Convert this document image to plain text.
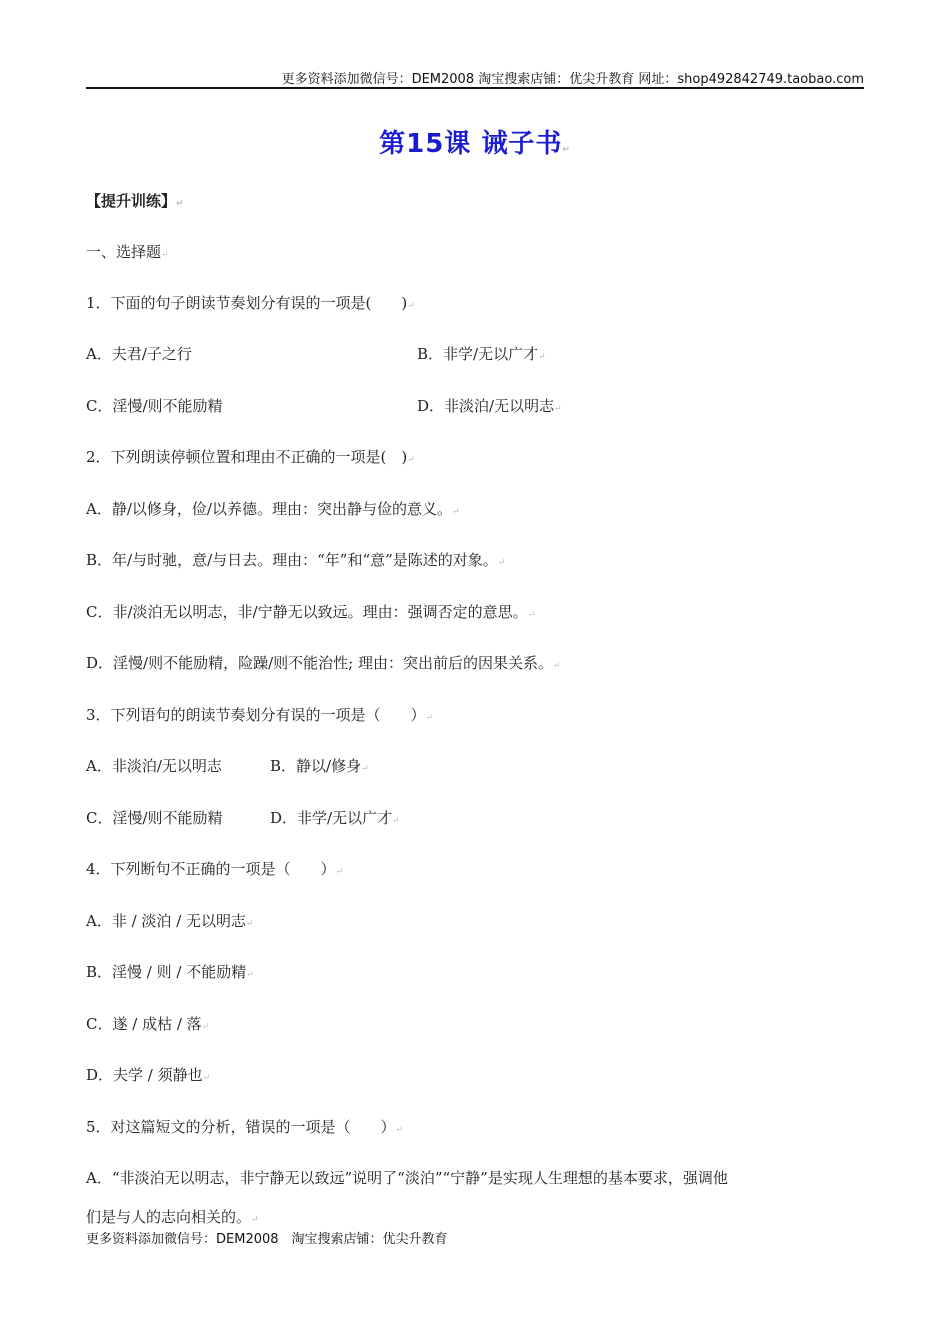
更多资料添加微信号：DEM2008 淘宝搜索店铺：优尖升教育 网址：shop492842749.taobao.com
第15课 诫子书↵
【提升训练】↵
一、选择题↵
1．下面的句子朗读节奏划分有误的一项是(　　)↵
A．夫君/子之行	B．非学/无以广才↵
C．淫慢/则不能励精	D．非淡泊/无以明志↵
2．下列朗读停顿位置和理由不正确的一项是(　)↵
A．静/以修身，俭/以养德。理由：突出静与俭的意义。↵
B．年/与时驰，意/与日去。理由：“年”和“意”是陈述的对象。↵
C．非/淡泊无以明志，非/宁静无以致远。理由：强调否定的意思。↵
D．淫慢/则不能励精，险躁/则不能治性; 理由：突出前后的因果关系。↵
3．下列语句的朗读节奏划分有误的一项是（　　）↵
A．非淡泊/无以明志	B．静以/修身↵
C．淫慢/则不能励精	D．非学/无以广才↵
4．下列断句不正确的一项是（　　）↵
A．非 / 淡泊 / 无以明志↵
B．淫慢 / 则 / 不能励精↵
C．遂 / 成枯 / 落↵
D．夫学 / 须静也↵
5．对这篇短文的分析，错误的一项是（　　）↵
A．“非淡泊无以明志，非宁静无以致远”说明了“淡泊”“宁静”是实现人生理想的基本要求，强调他
们是与人的志向相关的。↵
更多资料添加微信号：DEM2008　淘宝搜索店铺：优尖升教育
